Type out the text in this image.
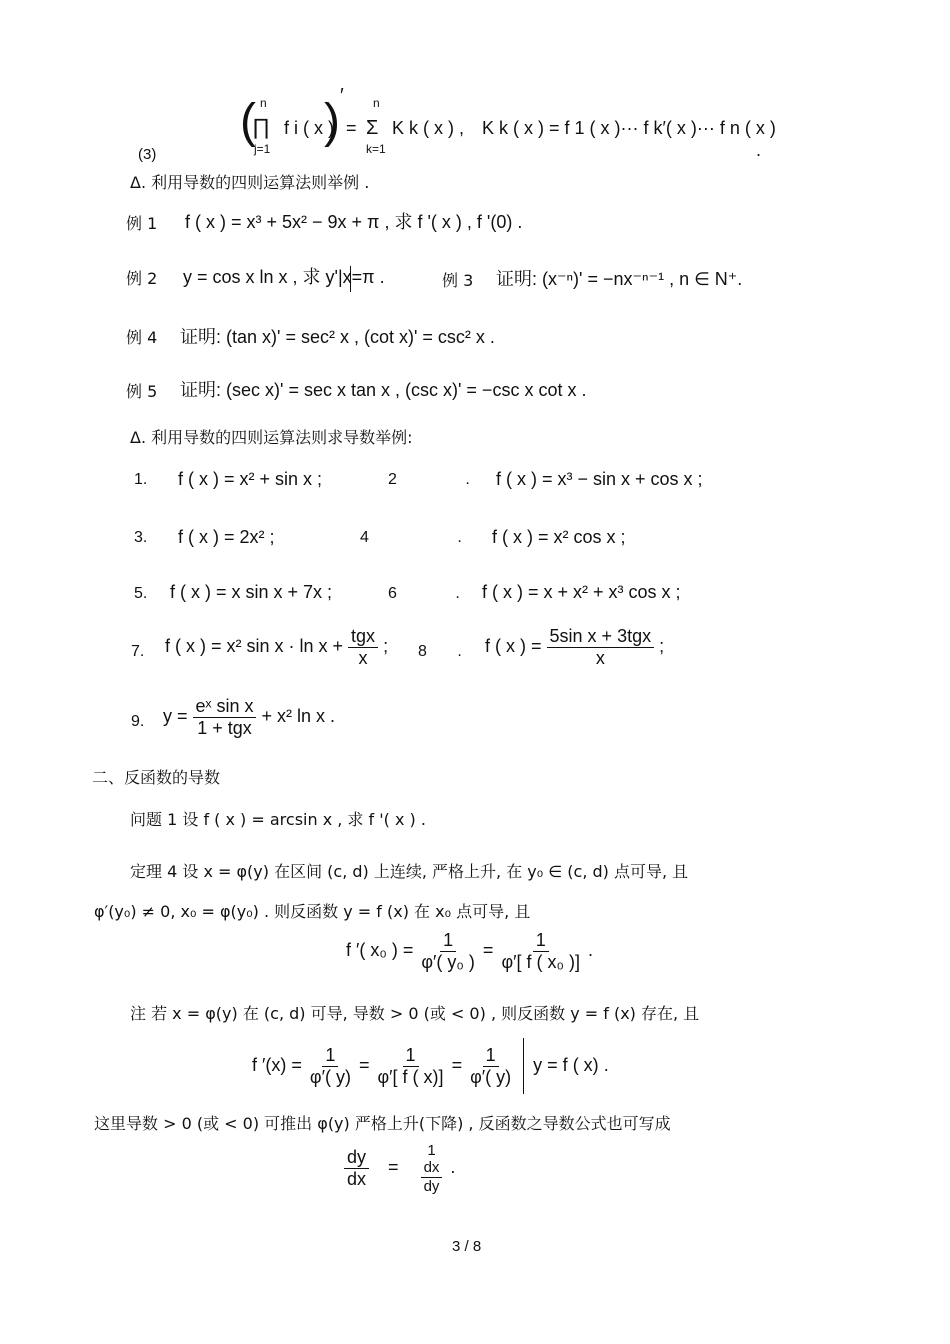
(3)
( n
∏
j=1
f i ( x )
) ′
=
n
Σ
k=1
K k ( x ) , K k ( x ) = f 1 ( x )··· f k′( x )··· f n ( x )
.
Δ. 利用导数的四则运算法则举例 .
例 1 f ( x ) = x³ + 5x² − 9x + π , 求 f '( x ) , f '(0) .
例 2 y = cos x ln x , 求 y'|x=π .	例 3 证明: (x⁻ⁿ)' = −nx⁻ⁿ⁻¹ , n ∈ N⁺.
例 4 证明: (tan x)' = sec² x , (cot x)' = csc² x .
例 5 证明: (sec x)' = sec x tan x , (csc x)' = −csc x cot x .
Δ. 利用导数的四则运算法则求导数举例:
1. f ( x ) = x² + sin x ;	2 . f ( x ) = x³ − sin x + cos x ;
3. f ( x ) = 2x² ;	4 . f ( x ) = x² cos x ;
5. f ( x ) = x sin x + 7x ;	6 . f ( x ) = x + x² + x³ cos x ;
7. f ( x ) = x² $\sin x \cdot \ln x + \frac{\text{tgx}}{x}$ ; 8 . f ( x ) = $\frac{\text{5sin x + 3tgx}}{x}$ ;
9. $y = \frac{\text{eˣ sin x}}{\text{1 + tgx}} + x^2$ ln x .
二、反函数的导数
问题 1 设 f ( x ) = arcsin x , 求 f '( x ) .
定理 4 设 x = φ(y) 在区间 (c, d) 上连续, 严格上升, 在 y₀ ∈ (c, d) 点可导, 且
φ′(y₀) ≠ 0, x₀ = φ(y₀) . 则反函数 y = f (x) 在 x₀ 点可导, 且
f ′( x₀ ) = $\frac{1}{\text{φ′( y₀ )}} = \frac{1}{\text{φ′[ f ( x₀ )]}}$ .
注 若 x = φ(y) 在 (c, d) 可导, 导数 > 0 (或 < 0) , 则反函数 y = f (x) 存在, 且
f $'(x) = \frac{1}{\varphi'( y)} = \frac{1}{\varphi'[ f ( x)]} = \frac{1}{\varphi'( y)}$ y = f ( x) .
这里导数 > 0 (或 < 0) 可推出 φ(y) 严格上升(下降) , 反函数之导数公式也可写成
$\frac{dy}{dx}$ =
1
$\frac{dx}{dy}$ .
3 / 8
